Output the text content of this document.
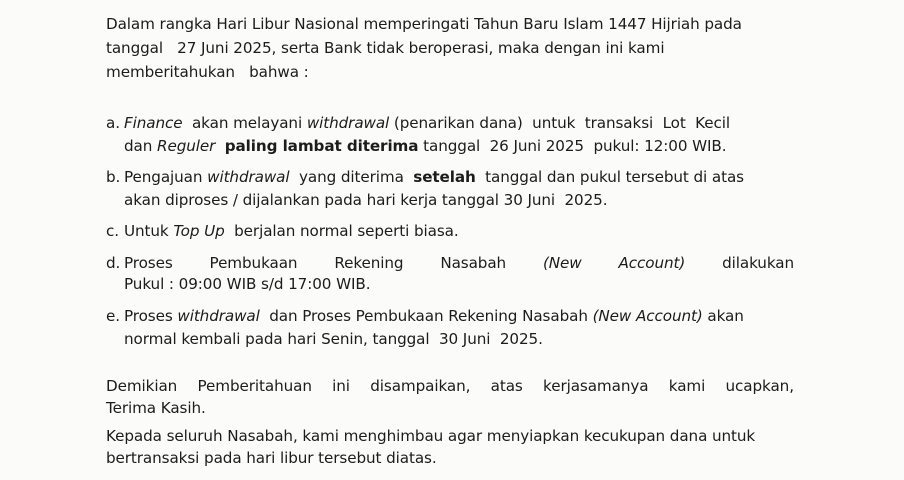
Dalam rangka Hari Libur Nasional memperingati Tahun Baru Islam 1447 Hijriah pada
tanggal   27 Juni 2025, serta Bank tidak beroperasi, maka dengan ini kami
memberitahukan   bahwa :
a. Finance  akan melayani withdrawal (penarikan dana)  untuk  transaksi  Lot  Kecil
dan Reguler paling lambat diterima tanggal  26 Juni 2025  pukul: 12:00 WIB.
b. Pengajuan withdrawal  yang diterima  setelah  tanggal dan pukul tersebut di atas
akan diproses / dijalankan pada hari kerja tanggal 30 Juni  2025.
c. Untuk Top Up  berjalan normal seperti biasa.
d. Proses Pembukaan Rekening Nasabah (New Account) dilakukan
Pukul : 09:00 WIB s/d 17:00 WIB.
e. Proses withdrawal  dan Proses Pembukaan Rekening Nasabah (New Account) akan
normal kembali pada hari Senin, tanggal  30 Juni  2025.
Demikian Pemberitahuan ini disampaikan, atas kerjasamanya kami ucapkan,
Terima Kasih.
Kepada seluruh Nasabah, kami menghimbau agar menyiapkan kecukupan dana untuk
bertransaksi pada hari libur tersebut diatas.
